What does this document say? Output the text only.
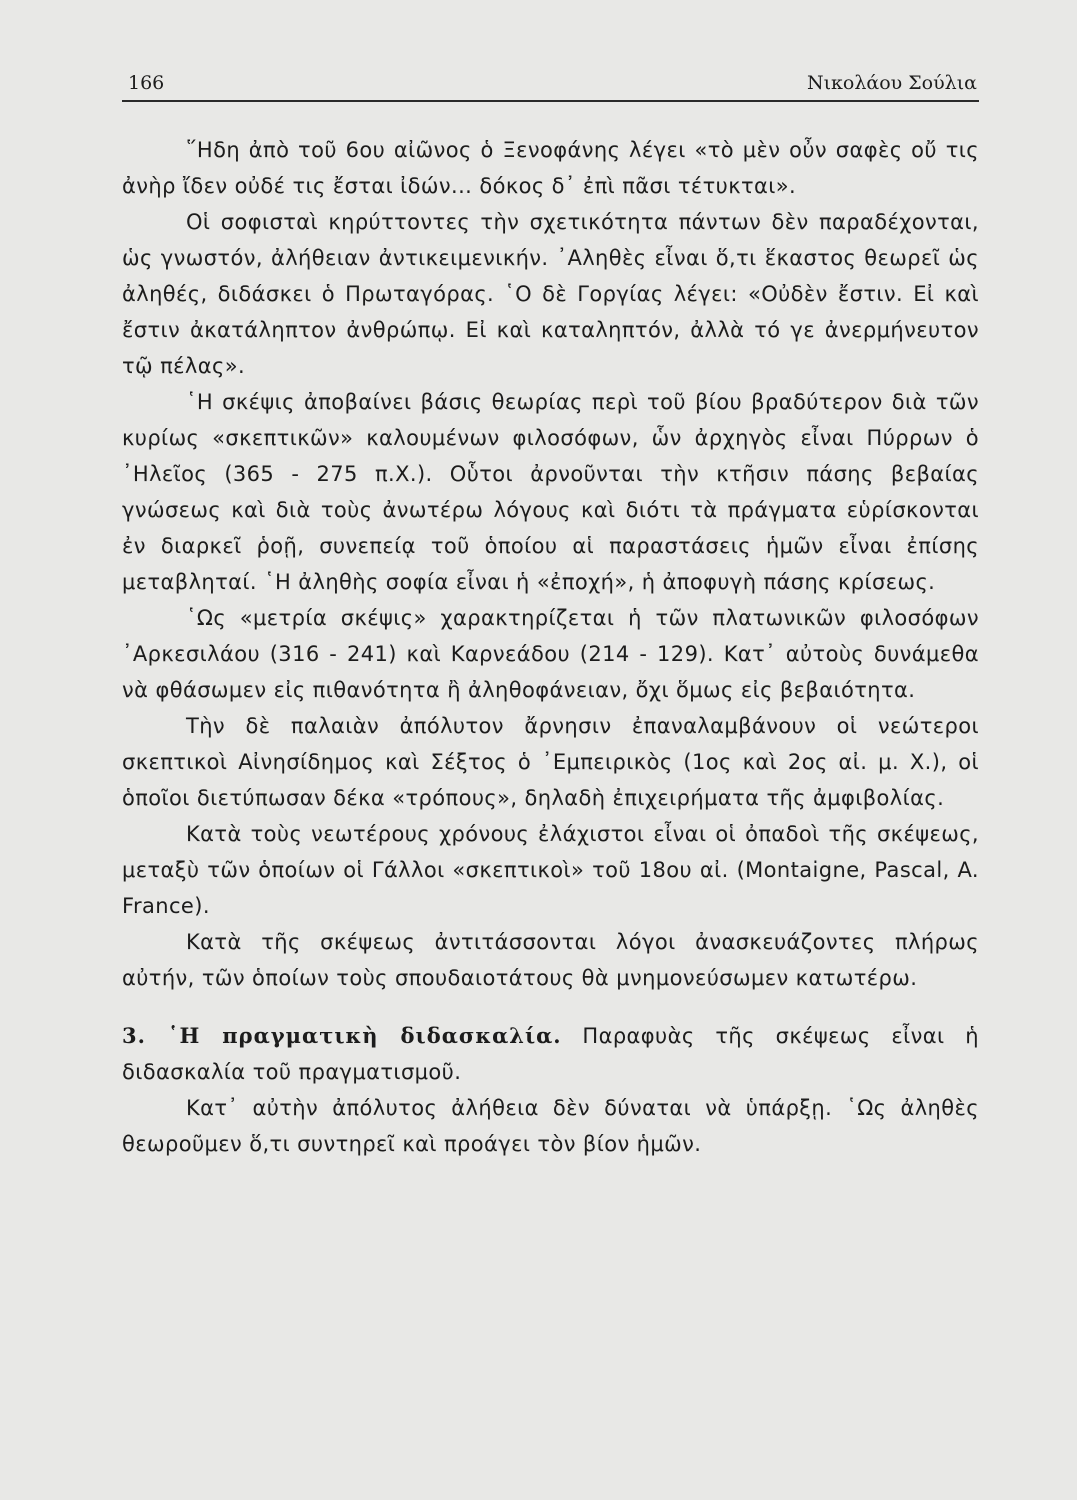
166	Νικολάου Σούλια

῞Ηδη ἀπὸ τοῦ 6ου αἰῶνος ὁ Ξενοφάνης λέγει «τὸ μὲν οὖν σαφὲς οὔ τις ἀνὴρ ἴδεν οὐδέ τις ἔσται ἰδών... δόκος δ᾽ ἐπὶ πᾶσι τέτυκται».

Οἱ σοφισταὶ κηρύττοντες τὴν σχετικότητα πάντων δὲν παραδέχονται, ὡς γνωστόν, ἀλήθειαν ἀντικειμενικήν. ᾽Αληθὲς εἶναι ὅ,τι ἕκαστος θεωρεῖ ὡς ἀληθές, διδάσκει ὁ Πρωταγόρας. ῾Ο δὲ Γοργίας λέγει: «Οὐδὲν ἔστιν. Εἰ καὶ ἔστιν ἀκατάληπτον ἀνθρώπῳ. Εἰ καὶ καταληπτόν, ἀλλὰ τό γε ἀνερμήνευτον τῷ πέλας».

῾Η σκέψις ἀποβαίνει βάσις θεωρίας περὶ τοῦ βίου βραδύτερον διὰ τῶν κυρίως «σκεπτικῶν» καλουμένων φιλοσόφων, ὧν ἀρχηγὸς εἶναι Πύρρων ὁ ᾽Ηλεῖος (365 - 275 π.Χ.). Οὗτοι ἀρνοῦνται τὴν κτῆσιν πάσης βεβαίας γνώσεως καὶ διὰ τοὺς ἀνωτέρω λόγους καὶ διότι τὰ πράγματα εὑρίσκονται ἐν διαρκεῖ ῥοῇ, συνεπείᾳ τοῦ ὁποίου αἱ παραστάσεις ἡμῶν εἶναι ἐπίσης μεταβληταί. ῾Η ἀληθὴς σοφία εἶναι ἡ «ἐποχή», ἡ ἀποφυγὴ πάσης κρίσεως.

῾Ως «μετρία σκέψις» χαρακτηρίζεται ἡ τῶν πλατωνικῶν φιλοσόφων ᾽Αρκεσιλάου (316 - 241) καὶ Καρνεάδου (214 - 129). Κατ᾽ αὐτοὺς δυνάμεθα νὰ φθάσωμεν εἰς πιθανότητα ἢ ἀληθοφάνειαν, ὄχι ὅμως εἰς βεβαιότητα.

Τὴν δὲ παλαιὰν ἀπόλυτον ἄρνησιν ἐπαναλαμβάνουν οἱ νεώτεροι σκεπτικοὶ Αἰνησίδημος καὶ Σέξτος ὁ ᾽Εμπειρικὸς (1ος καὶ 2ος αἰ. μ. Χ.), οἱ ὁποῖοι διετύπωσαν δέκα «τρόπους», δηλαδὴ ἐπιχειρήματα τῆς ἀμφιβολίας.

Κατὰ τοὺς νεωτέρους χρόνους ἐλάχιστοι εἶναι οἱ ὀπαδοὶ τῆς σκέψεως, μεταξὺ τῶν ὁποίων οἱ Γάλλοι «σκεπτικοὶ» τοῦ 18ου αἰ. (Montaigne, Pascal, A. France).

Κατὰ τῆς σκέψεως ἀντιτάσσονται λόγοι ἀνασκευάζοντες πλήρως αὐτήν, τῶν ὁποίων τοὺς σπουδαιοτάτους θὰ μνημονεύσωμεν κατωτέρω.

3. ῾Η πραγματικὴ διδασκαλία. Παραφυὰς τῆς σκέψεως εἶναι ἡ διδασκαλία τοῦ πραγματισμοῦ.

Κατ᾽ αὐτὴν ἀπόλυτος ἀλήθεια δὲν δύναται νὰ ὑπάρξῃ. ῾Ως ἀληθὲς θεωροῦμεν ὅ,τι συντηρεῖ καὶ προάγει τὸν βίον ἡμῶν.
